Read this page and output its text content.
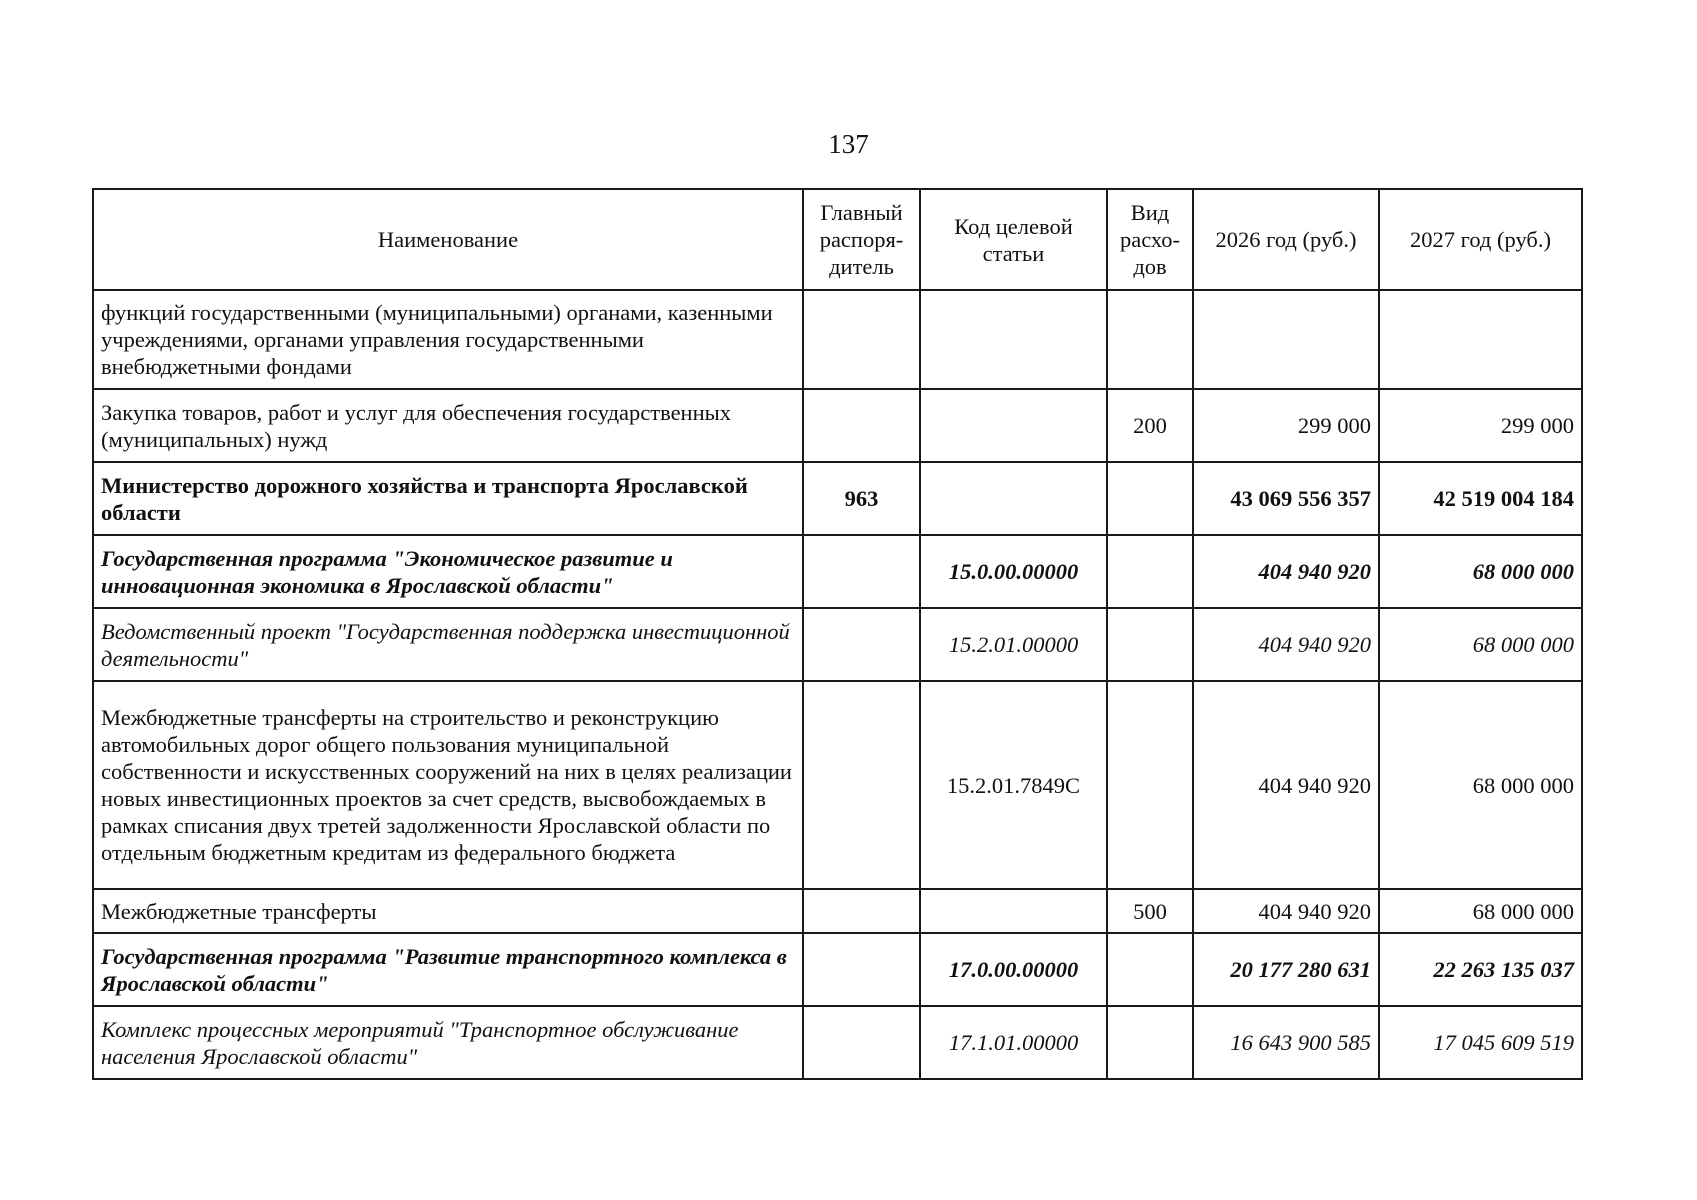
137
Наименование	Главный распоря-дитель	Код целевой статьи	Вид расхо-дов	2026 год (руб.)	2027 год (руб.)
функций государственными (муниципальными) органами, казенными учреждениями, органами управления государственными внебюджетными фондами					
Закупка товаров, работ и услуг для обеспечения государственных (муниципальных) нужд			200	299 000	299 000
Министерство дорожного хозяйства и транспорта Ярославской области	963			43 069 556 357	42 519 004 184
Государственная программа "Экономическое развитие и инновационная экономика в Ярославской области"		15.0.00.00000		404 940 920	68 000 000
Ведомственный проект "Государственная поддержка инвестиционной деятельности"		15.2.01.00000		404 940 920	68 000 000
Межбюджетные трансферты на строительство и реконструкцию автомобильных дорог общего пользования муниципальной собственности и искусственных сооружений на них в целях реализации новых инвестиционных проектов за счет средств, высвобождаемых в рамках списания двух третей задолженности Ярославской области по отдельным бюджетным кредитам из федерального бюджета		15.2.01.7849С		404 940 920	68 000 000
Межбюджетные трансферты			500	404 940 920	68 000 000
Государственная программа "Развитие транспортного комплекса в Ярославской области"		17.0.00.00000		20 177 280 631	22 263 135 037
Комплекс процессных мероприятий "Транспортное обслуживание населения Ярославской области"		17.1.01.00000		16 643 900 585	17 045 609 519
